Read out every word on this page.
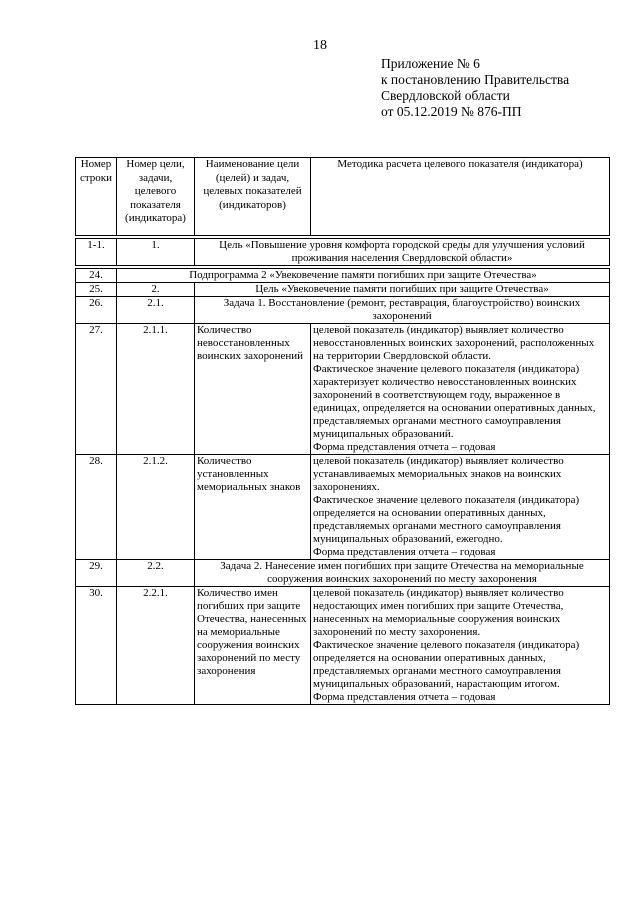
18
Приложение № 6
к постановлению Правительства
Свердловской области
от 05.12.2019 № 876-ПП
Номер строки	Номер цели, задачи, целевого показателя (индикатора)	Наименование цели (целей) и задач, целевых показателей (индикаторов)	Методика расчета целевого показателя (индикатора)

1-1.	1.	Цель «Повышение уровня комфорта городской среды для улучшения условий проживания населения Свердловской области»	

24.	Подпрограмма 2 «Увековечение памяти погибших при защите Отечества»		
25.	2.	Цель «Увековечение памяти погибших при защите Отечества»	
26.	2.1.	Задача 1. Восстановление (ремонт, реставрация, благоустройство) воинских захоронений	
27.	2.1.1.	Количество невосстановленных воинских захоронений	целевой показатель (индикатор) выявляет количество невосстановленных воинских захоронений, расположенных на территории Свердловской области.
Фактическое значение целевого показателя (индикатора) характеризует количество невосстановленных воинских захоронений в соответствующем году, выраженное в единицах, определяется на основании оперативных данных, представляемых органами местного самоуправления муниципальных образований.
Форма представления отчета – годовая

28.	2.1.2.	Количество установленных мемориальных знаков	целевой показатель (индикатор) выявляет количество устанавливаемых мемориальных знаков на воинских захоронениях.
Фактическое значение целевого показателя (индикатора) определяется на основании оперативных данных, представляемых органами местного самоуправления муниципальных образований, ежегодно.
Форма представления отчета – годовая

29.	2.2.	Задача 2. Нанесение имен погибших при защите Отечества на мемориальные сооружения воинских захоронений по месту захоронения	
30.	2.2.1.	Количество имен погибших при защите Отечества, нанесенных на мемориальные сооружения воинских захоронений по месту захоронения	целевой показатель (индикатор) выявляет количество недостающих имен погибших при защите Отечества, нанесенных на мемориальные сооружения воинских захоронений по месту захоронения.
Фактическое значение целевого показателя (индикатора) определяется на основании оперативных данных, представляемых органами местного самоуправления муниципальных образований, нарастающим итогом.
Форма представления отчета – годовая
